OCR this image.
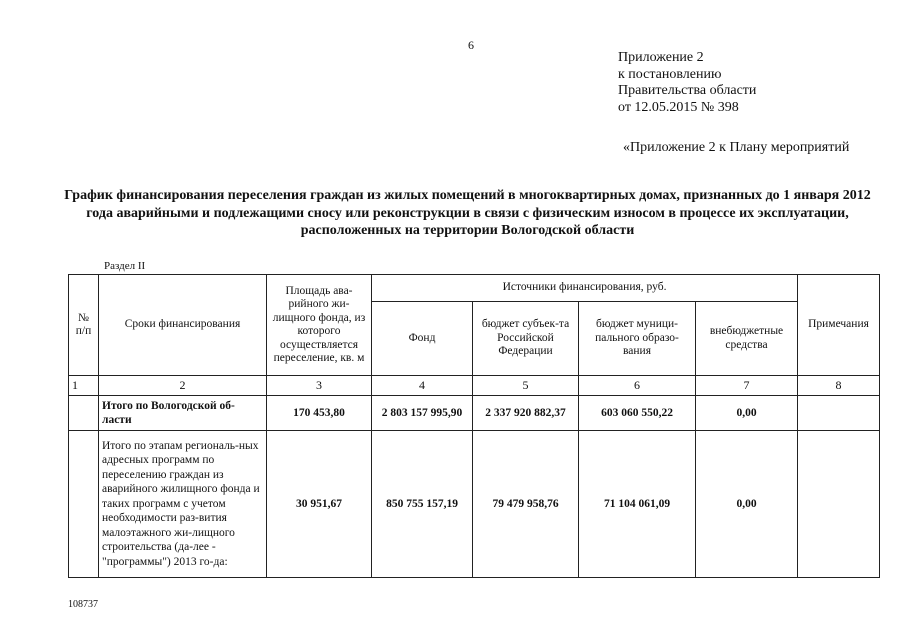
6
Приложение 2
к постановлению
Правительства области
от 12.05.2015 № 398
«Приложение 2 к Плану мероприятий
График финансирования переселения граждан из жилых помещений в многоквартирных домах, признанных до 1 января 2012 года аварийными и подлежащими сносу или реконструкции в связи с физическим износом в процессе их эксплуатации, расположенных на территории Вологодской области
Раздел II
№ п/п	Сроки финансирования	Площадь ава-рийного жи-лищного фонда, из которого осуществляется переселение, кв. м	Источники финансирования, руб.				Примечания
			Фонд	бюджет субъек-та Российской Федерации	бюджет муници-пального образо-вания	внебюджетные средства	
1	2	3	4	5	6	7	8
	Итого по Вологодской об-ласти	170 453,80	2 803 157 995,90	2 337 920 882,37	603 060 550,22	0,00	
	Итого по этапам региональ-ных адресных программ по переселению граждан из аварийного жилищного фонда и таких программ с учетом необходимости раз-вития малоэтажного жи-лищного строительства (да-лее - "программы") 2013 го-да:	30 951,67	850 755 157,19	79 479 958,76	71 104 061,09	0,00	
108737
